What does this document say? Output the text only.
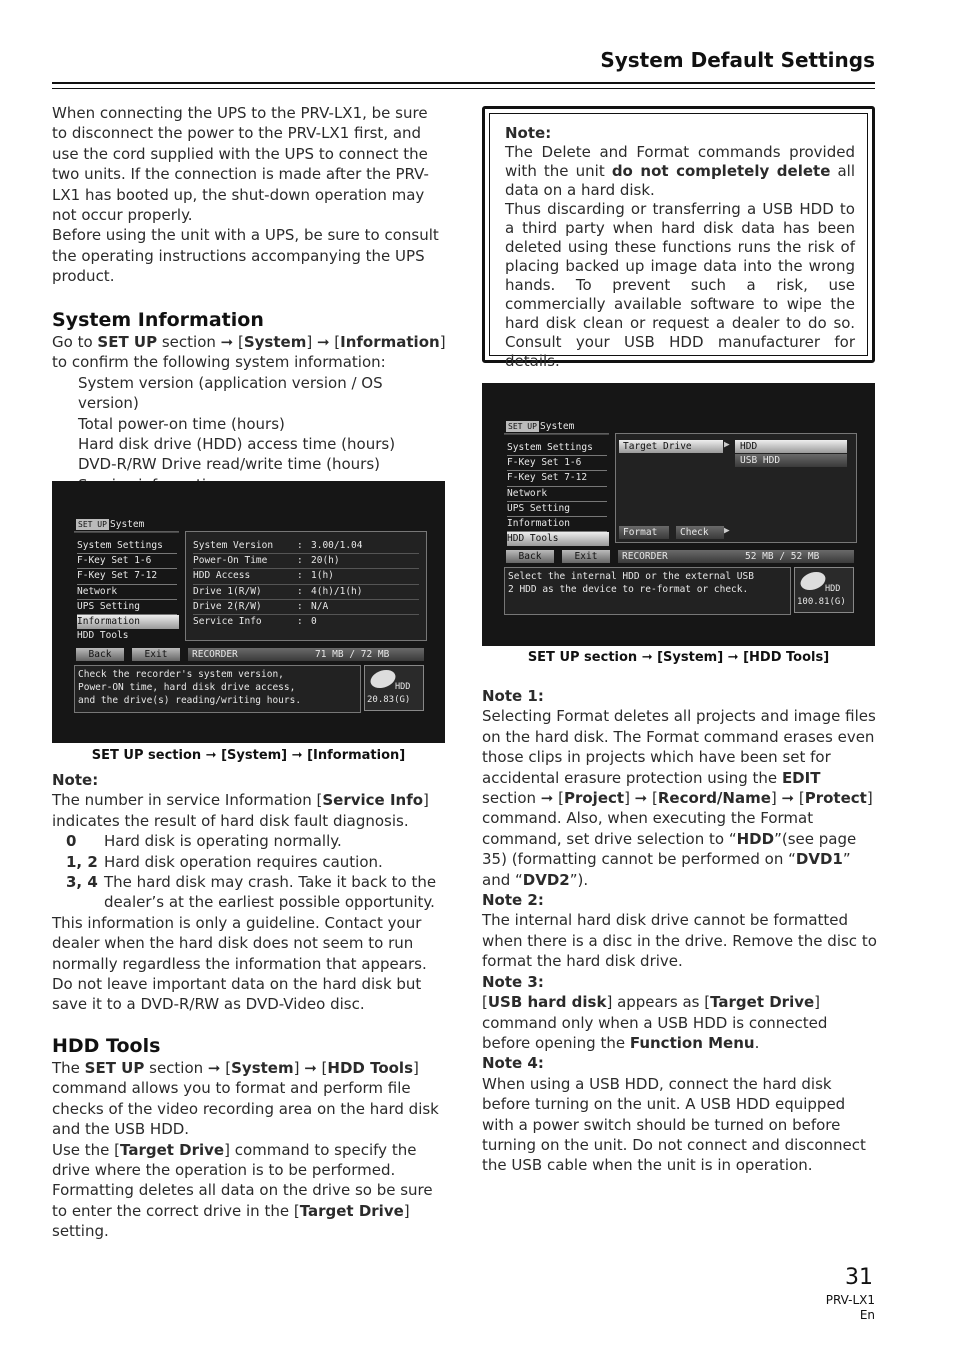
System Default Settings

When connecting the UPS to the PRV-LX1, be sure to disconnect the power to the PRV-LX1 first, and use the cord supplied with the UPS to connect the two units. If the connection is made after the PRV-LX1 has booted up, the shut-down operation may not occur properly.

Before using the unit with a UPS, be sure to consult the operating instructions accompanying the UPS product.

System Information

Go to SET UP section ➞ [System] ➞ [Information] to confirm the following system information:

System version (application version / OS version)
Total power-on time (hours)
Hard disk drive (HDD) access time (hours)
DVD-R/RW Drive read/write time (hours)
SET UP System
System Settings
F-Key Set 1-6
F-Key Set 7-12
Network
UPS Setting
Information
HDD Tools
System Version	: 3.00/1.04
Power-On Time	: 20(h)
HDD Access	: 1(h)
Drive 1(R/W)	: 4(h)/1(h)
Drive 2(R/W)	: N/A
Service Info	: 0
Back	Exit	RECORDER	71 MB / 72 MB
Check the recorder's system version,
Power-ON time, hard disk drive access,
and the drive(s) reading/writing hours.
HDD
20.83(G)
SET UP section ➞ [System] ➞ [Information]

Note:

The number in service Information [Service Info] indicates the result of hard disk fault diagnosis.

0	Hard disk is operating normally.
1, 2 Hard disk operation requires caution.
3, 4 The hard disk may crash. Take it back to the dealer’s at the earliest possible opportunity.

This information is only a guideline. Contact your dealer when the hard disk does not seem to run normally regardless the information that appears. Do not leave important data on the hard disk but save it to a DVD-R/RW as DVD-Video disc.

HDD Tools

The SET UP section ➞ [System] ➞ [HDD Tools] command allows you to format and perform file checks of the video recording area on the hard disk and the USB HDD.

Use the [Target Drive] command to specify the drive where the operation is to be performed.

Formatting deletes all data on the drive so be sure to enter the correct drive in the [Target Drive] setting.

Note:
The Delete and Format commands provided with the unit do not completely delete all data on a hard disk.
Thus discarding or transferring a USB HDD to a third party when hard disk data has been deleted using these functions runs the risk of placing backed up image data into the wrong hands. To prevent such a risk, use commercially available software to wipe the hard disk clean or request a dealer to do so. Consult your USB HDD manufacturer for details.
SET UP System
System Settings
F-Key Set 1-6
F-Key Set 7-12
Network
UPS Setting
Information
HDD Tools
Target Drive	▶ HDD
USB HDD
▶
Format Check
Back	Exit	RECORDER	52 MB / 52 MB
Select the internal HDD or the external USB
2 HDD as the device to re-format or check.	HDD
100.81(G)
SET UP section ➞ [System] ➞ [HDD Tools]

Note 1:

Selecting Format deletes all projects and image files on the hard disk. The Format command erases even those clips in projects which have been set for accidental erasure protection using the EDIT section ➞ [Project] ➞ [Record/Name] ➞ [Protect] command. Also, when executing the Format command, set drive selection to “HDD”(see page 35) (formatting cannot be performed on “DVD1” and “DVD2”).

Note 2:

The internal hard disk drive cannot be formatted when there is a disc in the drive. Remove the disc to format the hard disk drive.

Note 3:

[USB hard disk] appears as [Target Drive] command only when a USB HDD is connected before opening the Function Menu.

Note 4:

When using a USB HDD, connect the hard disk before turning on the unit. A USB HDD equipped with a power switch should be turned on before turning on the unit. Do not connect and disconnect the USB cable when the unit is in operation.

31
PRV-LX1
En
